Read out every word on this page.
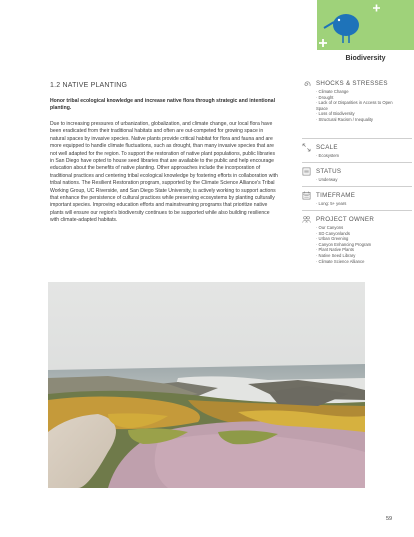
Biodiversity
1.2 NATIVE PLANTING
Honor tribal ecological knowledge and increase native flora through strategic and intentional planting.
Due to increasing pressures of urbanization, globalization, and climate change, our local flora have been eradicated from their traditional habitats and often are out-competed for growing space in natural spaces by invasive species. Native plants provide critical habitat for flora and fauna and are more equipped to handle climate fluctuations, such as drought, than many invasive species that are not well adapted for the region. To support the restoration of native plant populations, public libraries in San Diego have opted to house seed libraries that are available to the public and help encourage education about the benefits of native planting. Other approaches include the incorporation of traditional practices and centering tribal ecological knowledge by fostering efforts in collaboration with tribal nations. The Resilient Restoration program, supported by the Climate Science Alliance's Tribal Working Group, UC Riverside, and San Diego State University, is actively working to support actions that enhance the persistence of cultural practices while preserving ecosystems by planting culturally important species. Improving education efforts and mainstreaming programs that prioritize native plants will ensure our region's biodiversity continues to be supported while also building resilience with climate-adapted habitats.
SHOCKS & STRESSES
· Climate Change
· Drought
· Lack of or Disparities in Access to Open Space
· Loss of Biodiversity
· Structural Racism / Inequality
SCALE
· Ecosystem
STATUS
· Underway
TIMEFRAME
· Long: 5+ years
PROJECT OWNER
· Our Canyons
· SD Canyonlands
· Urban Greening
· Canyon Enhancing Program
· Plant Native Plants
· Native Seed Library
· Climate Science Alliance
59
